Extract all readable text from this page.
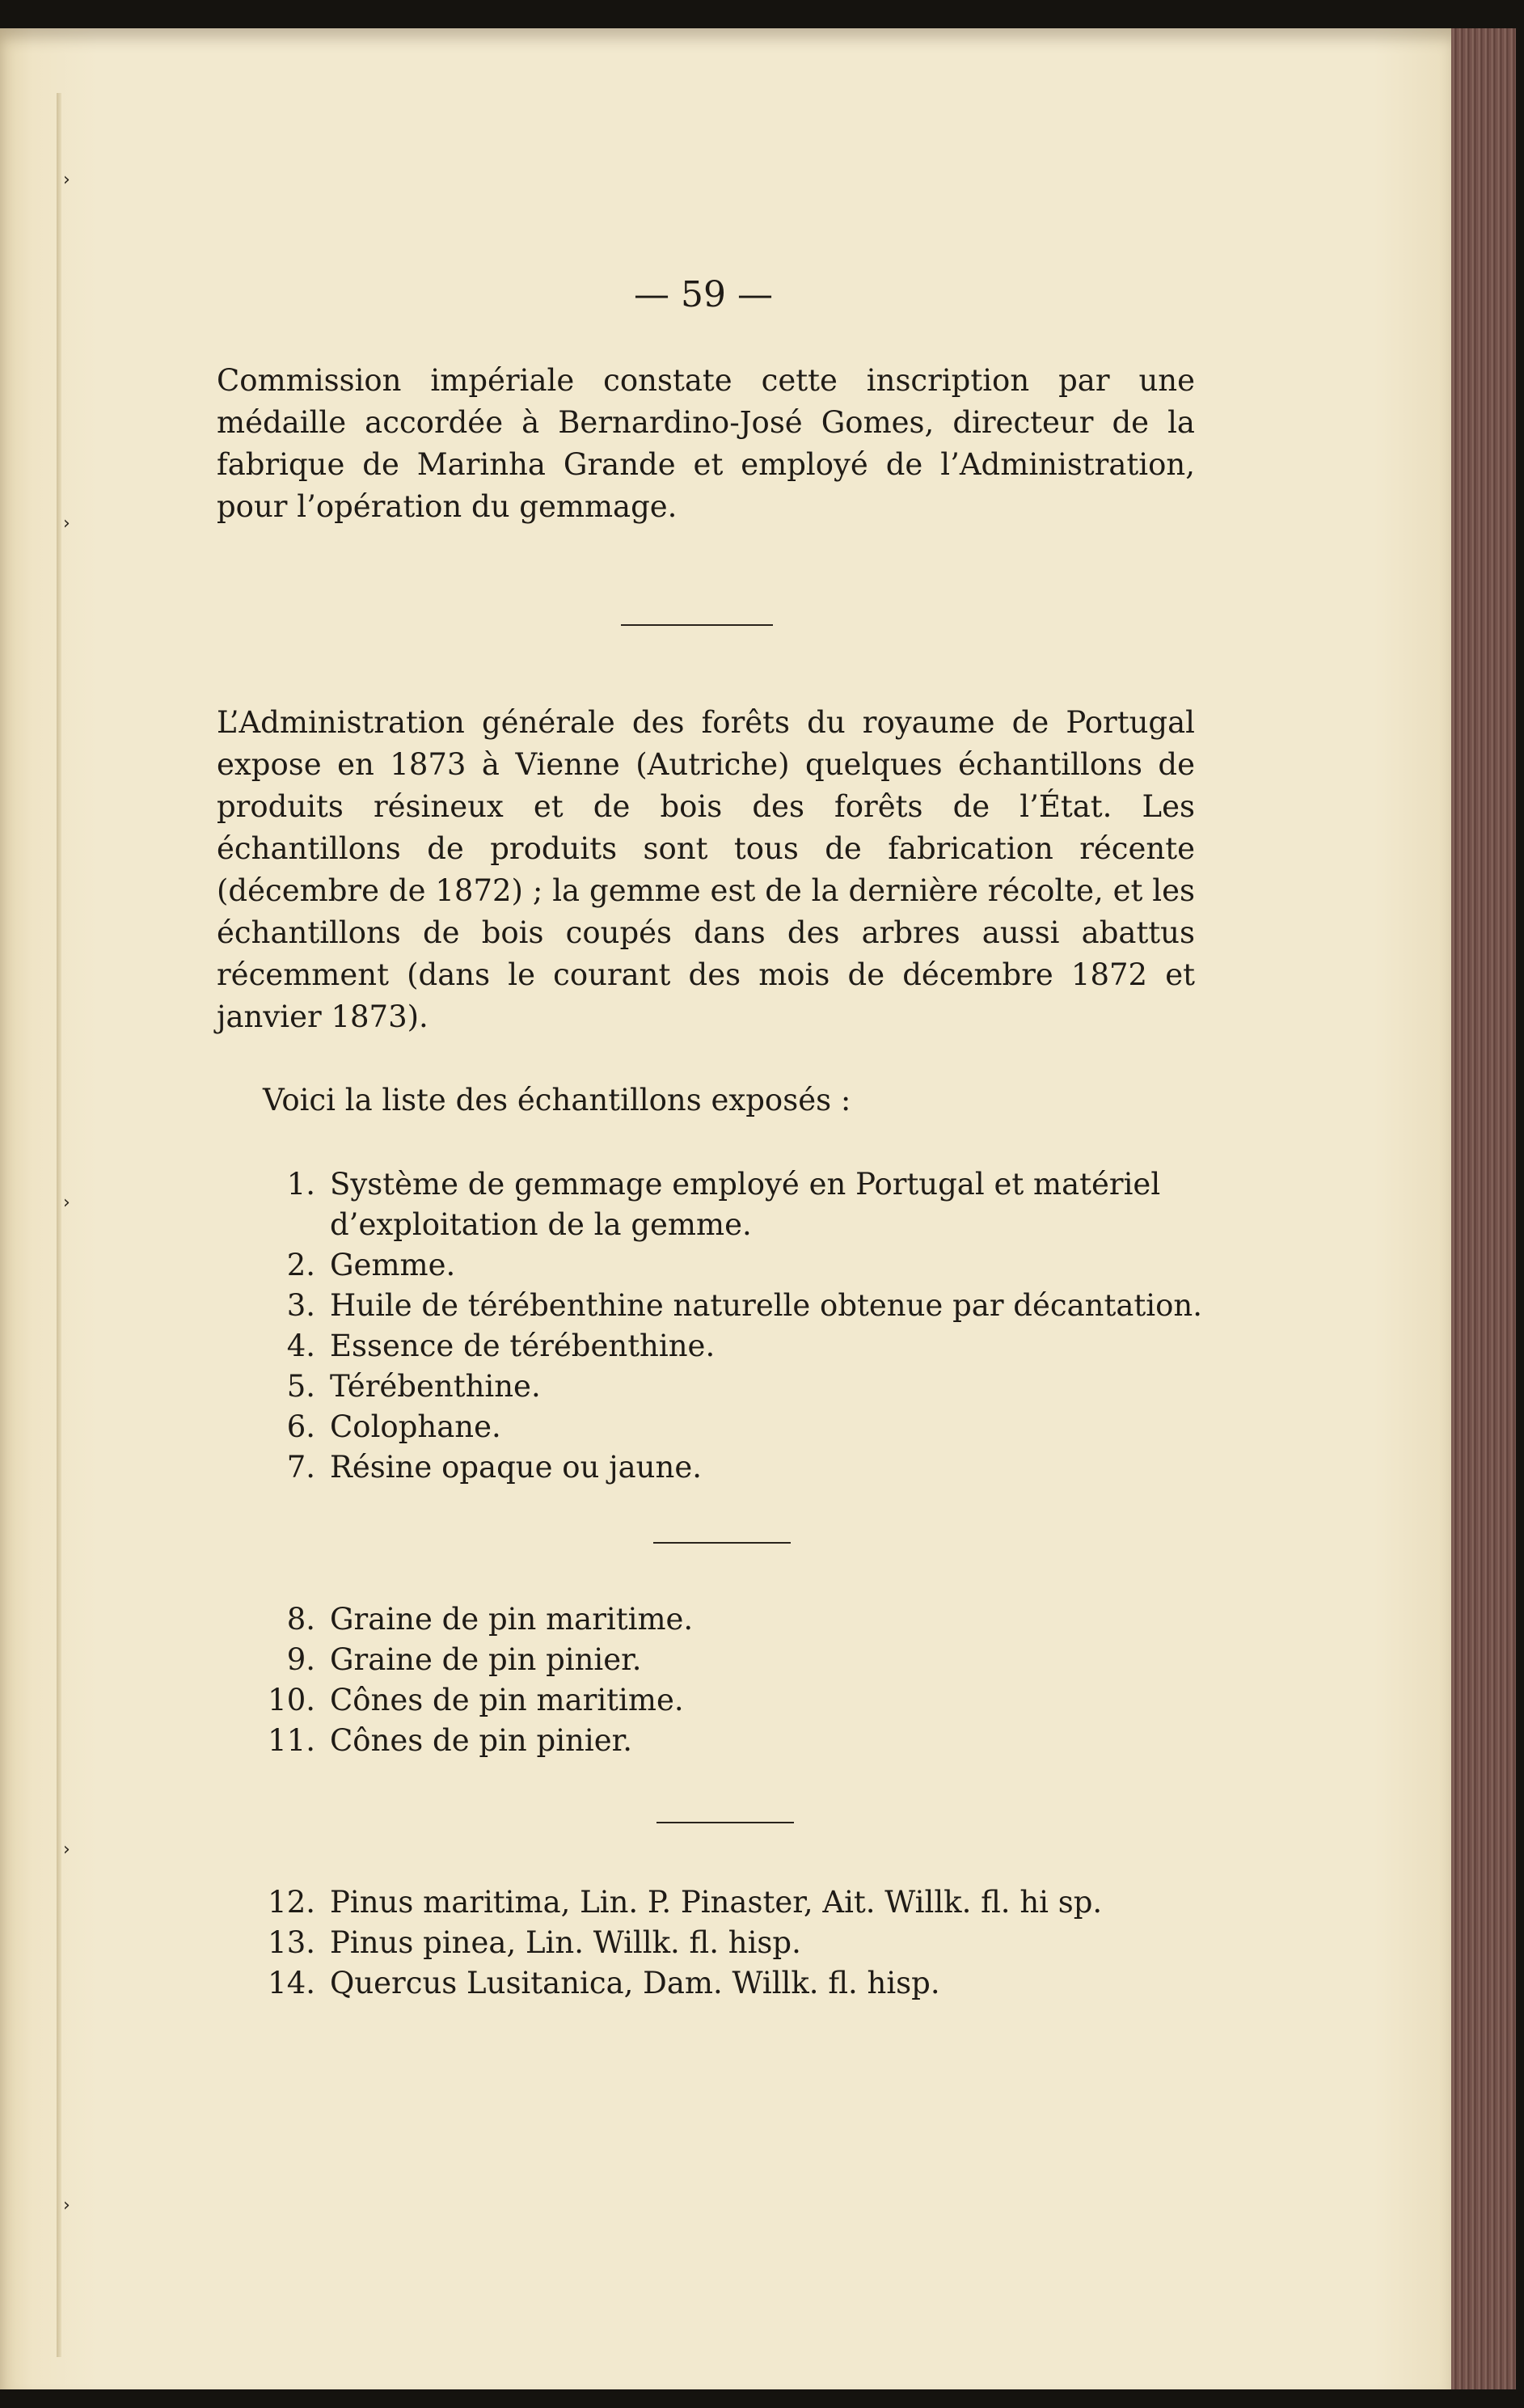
›
›
›
›
›
— 59 —
Commission impériale constate cette inscription par une médaille accordée à Bernardino-José Gomes, directeur de la fabrique de Marinha Grande et employé de l’Administration, pour l’opération du gemmage.
L’Administration générale des forêts du royaume de Portugal expose en 1873 à Vienne (Autriche) quelques échantillons de produits résineux et de bois des forêts de l’État. Les échantillons de produits sont tous de fabrication récente (décembre de 1872) ; la gemme est de la dernière récolte, et les échantillons de bois coupés dans des arbres aussi abattus récemment (dans le courant des mois de décembre 1872 et janvier 1873).
Voici la liste des échantillons exposés :
1. Système de gemmage employé en Portugal et matériel d’exploitation de la gemme.
2. Gemme.
3. Huile de térébenthine naturelle obtenue par décantation.
4. Essence de térébenthine.
5. Térébenthine.
6. Colophane.
7. Résine opaque ou jaune.
8. Graine de pin maritime.
9. Graine de pin pinier.
10. Cônes de pin maritime.
11. Cônes de pin pinier.
12. Pinus maritima, Lin. P. Pinaster, Ait. Willk. fl. hi sp.
13. Pinus pinea, Lin. Willk. fl. hisp.
14. Quercus Lusitanica, Dam. Willk. fl. hisp.
